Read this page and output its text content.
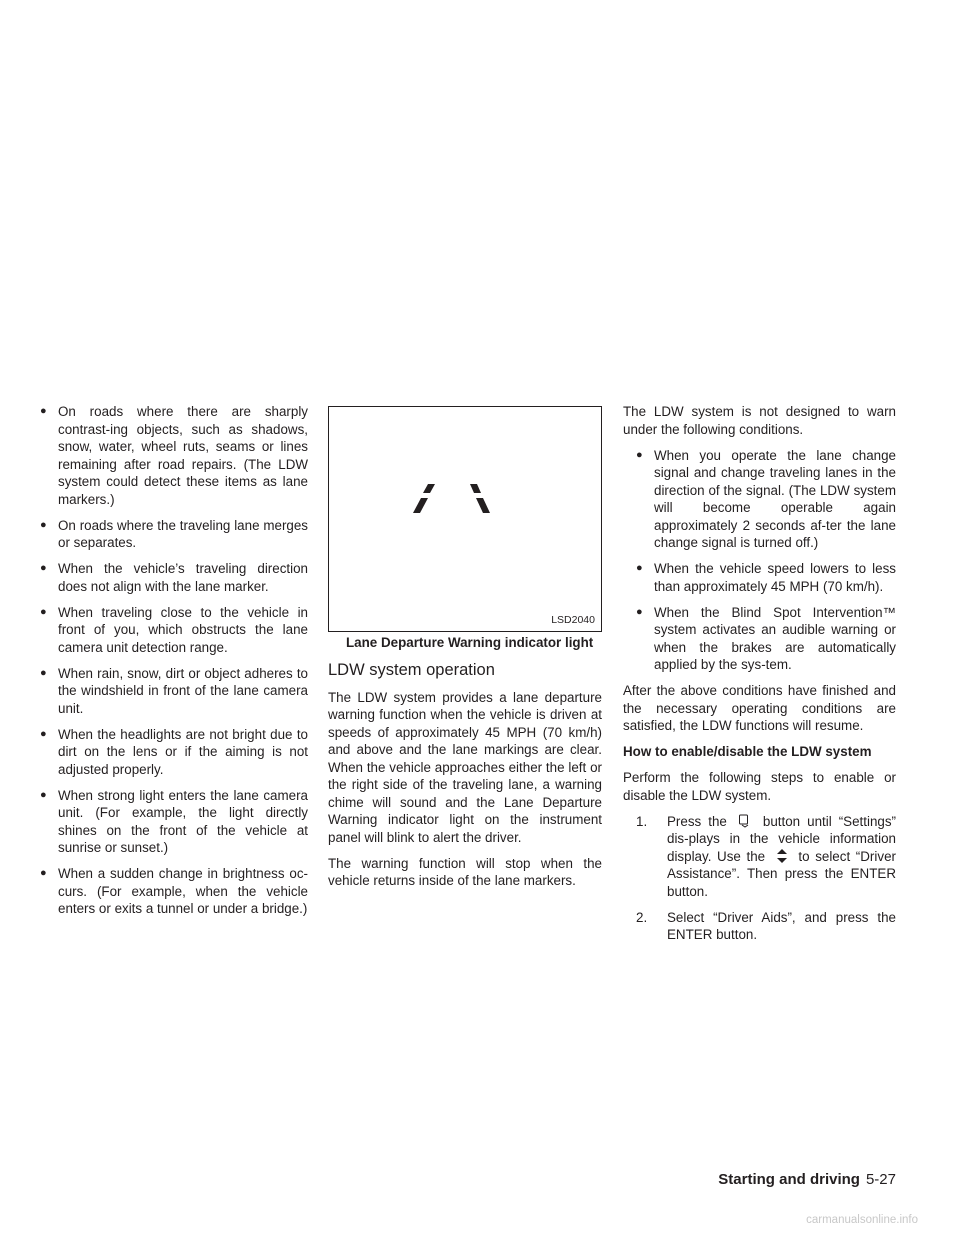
● On roads where there are sharply contrast-ing objects, such as shadows, snow, water, wheel ruts, seams or lines remaining after road repairs. (The LDW system could detect these items as lane markers.)
● On roads where the traveling lane merges or separates.
● When the vehicle’s traveling direction does not align with the lane marker.
● When traveling close to the vehicle in front of you, which obstructs the lane camera unit detection range.
● When rain, snow, dirt or object adheres to the windshield in front of the lane camera unit.
● When the headlights are not bright due to dirt on the lens or if the aiming is not adjusted properly.
● When strong light enters the lane camera unit. (For example, the light directly shines on the front of the vehicle at sunrise or sunset.)
● When a sudden change in brightness oc-curs. (For example, when the vehicle enters or exits a tunnel or under a bridge.)
LSD2040
Lane Departure Warning indicator light
LDW system operation

The LDW system provides a lane departure warning function when the vehicle is driven at speeds of approximately 45 MPH (70 km/h) and above and the lane markings are clear. When the vehicle approaches either the left or the right side of the traveling lane, a warning chime will sound and the Lane Departure Warning indicator light on the instrument panel will blink to alert the driver.

The warning function will stop when the vehicle returns inside of the lane markers.

The LDW system is not designed to warn under the following conditions.

● When you operate the lane change signal and change traveling lanes in the direction of the signal. (The LDW system will become operable again approximately 2 seconds af-ter the lane change signal is turned off.)
● When the vehicle speed lowers to less than approximately 45 MPH (70 km/h).
● When the Blind Spot Intervention™ system activates an audible warning or when the brakes are automatically applied by the sys-tem.

After the above conditions have finished and the necessary operating conditions are satisfied, the LDW functions will resume.

How to enable/disable the LDW system

Perform the following steps to enable or disable the LDW system.

1. Press the	button until “Settings” dis-plays in the vehicle information display. Use the to select “Driver Assistance”. Then press the ENTER button.
2. Select “Driver Aids”, and press the ENTER button.
Starting and driving 5-27
carmanualsonline.info
